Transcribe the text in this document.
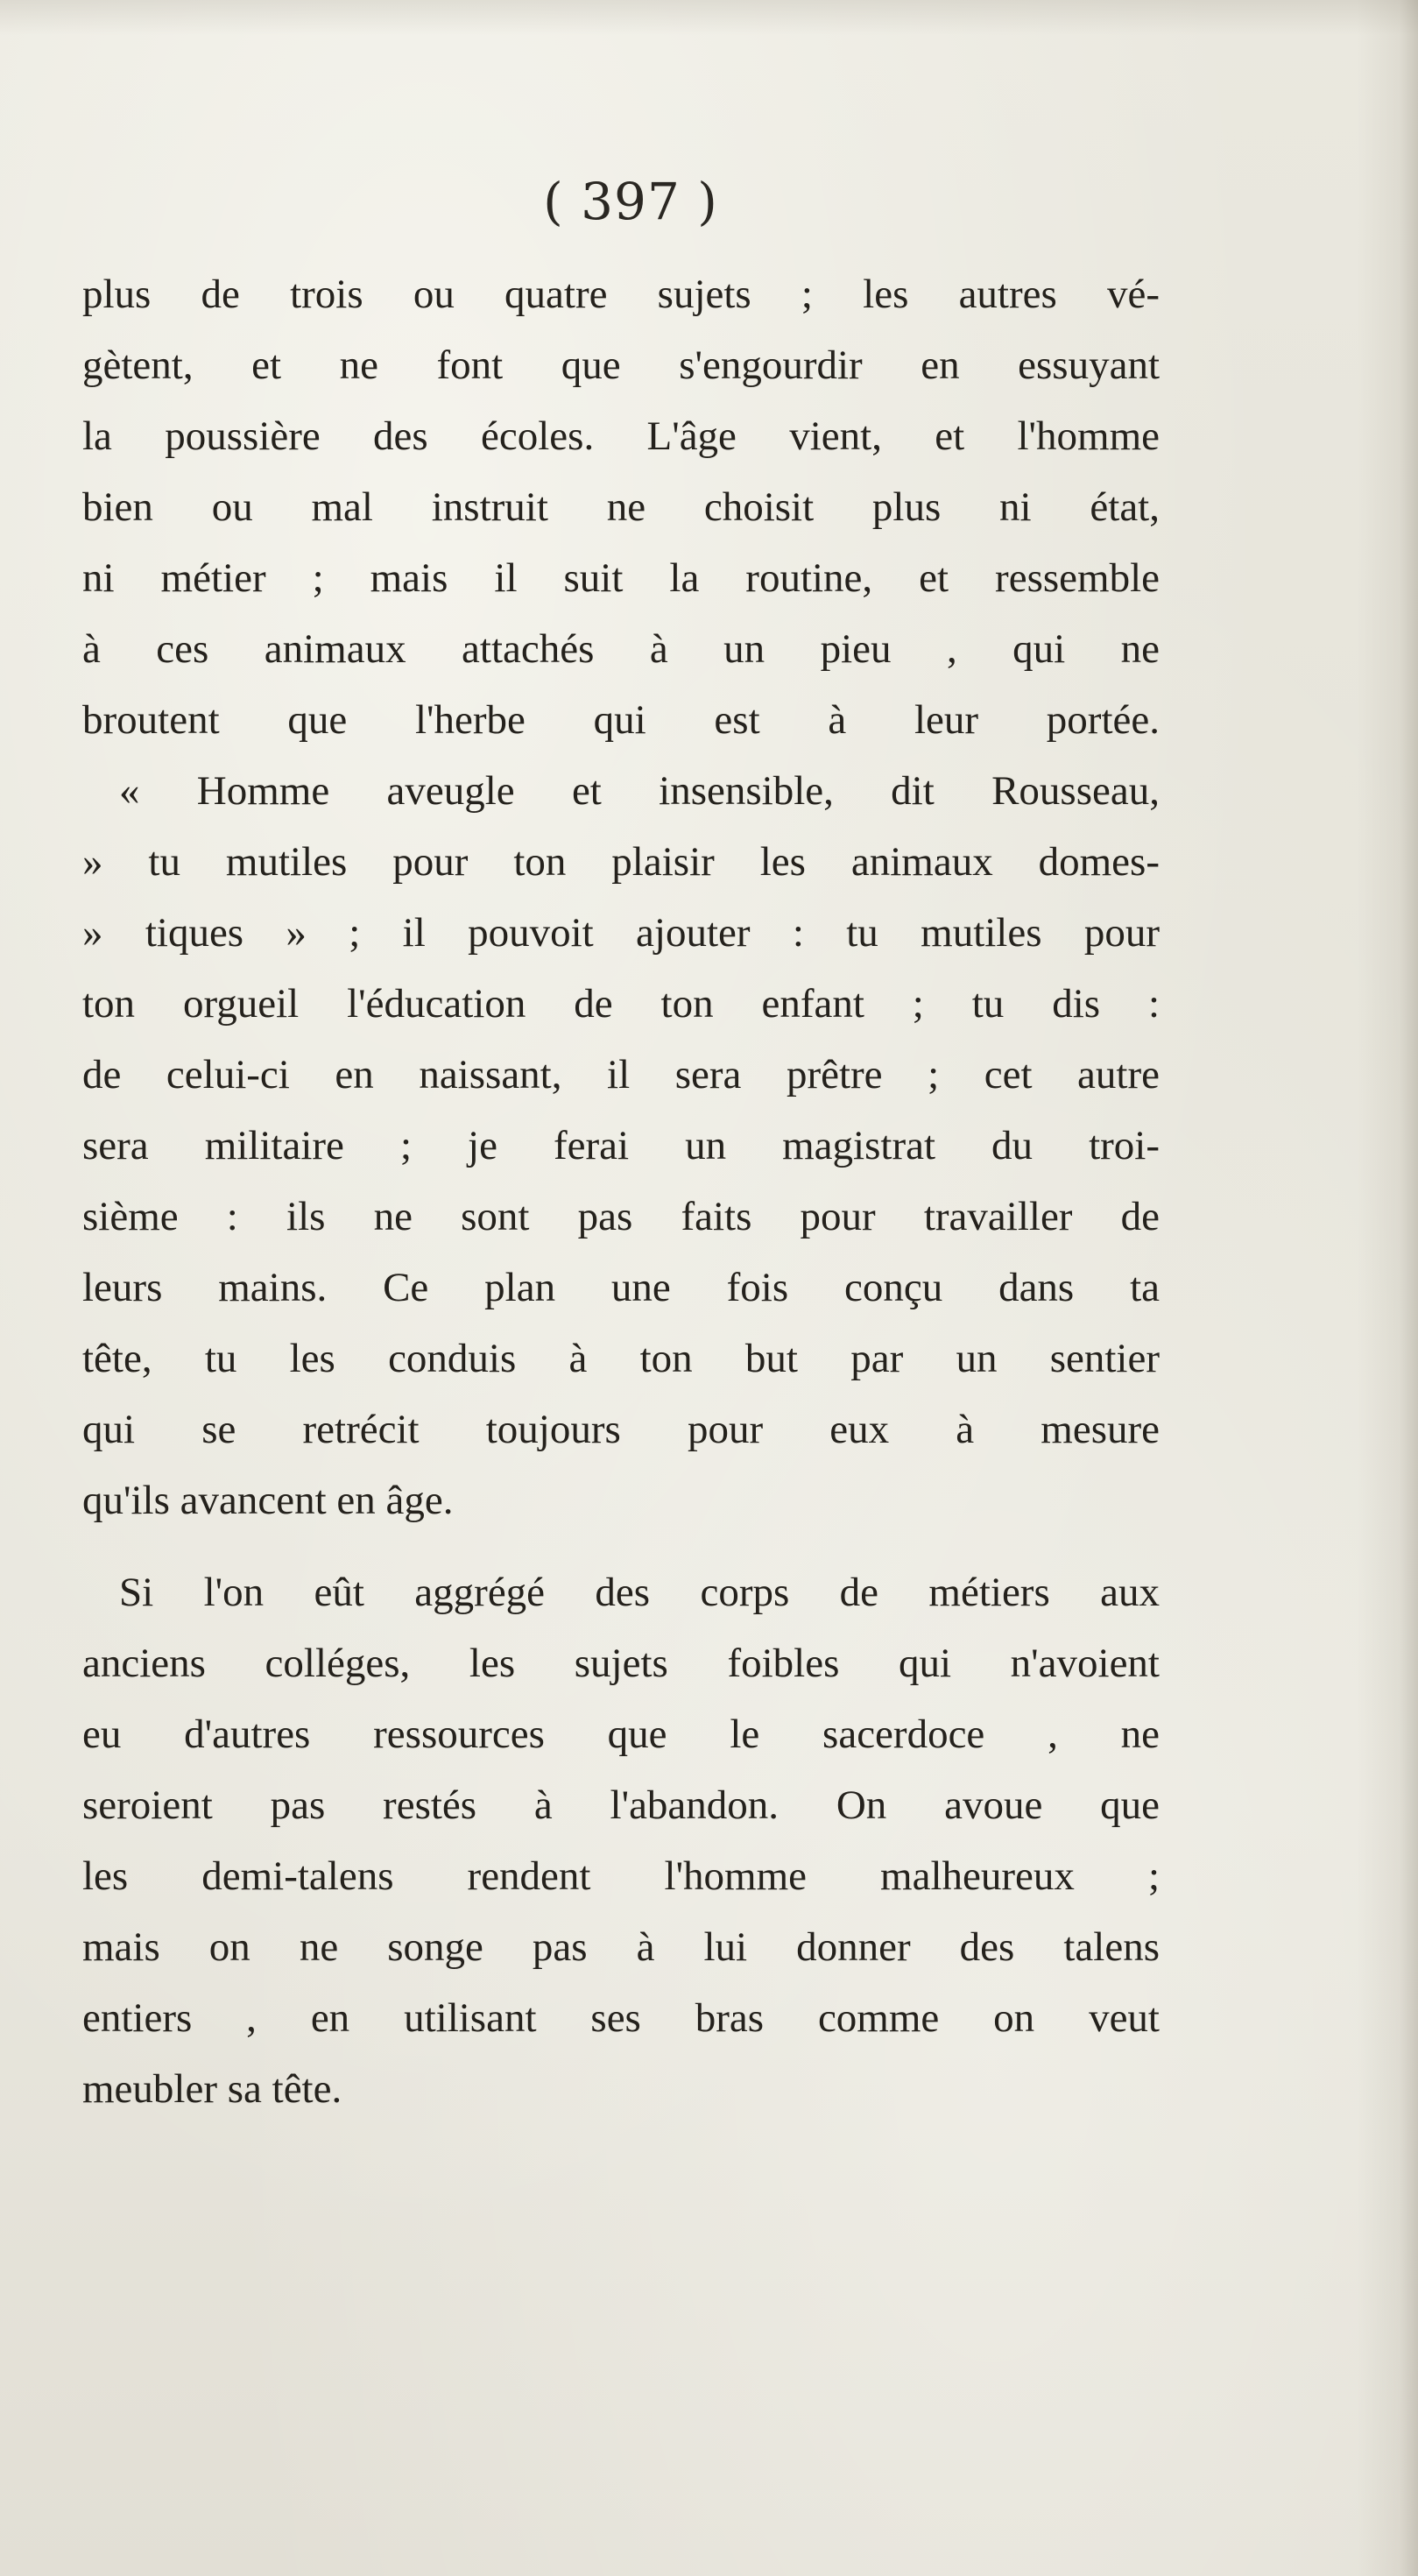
( 397 )
plus de trois ou quatre sujets ; les autres vé-
gètent, et ne font que s'engourdir en essuyant
la poussière des écoles. L'âge vient, et l'homme
bien ou mal instruit ne choisit plus ni état,
ni métier ; mais il suit la routine, et ressemble
à ces animaux attachés à un pieu , qui ne
broutent que l'herbe qui est à leur portée.
« Homme aveugle et insensible, dit Rousseau,
» tu mutiles pour ton plaisir les animaux domes-
» tiques » ; il pouvoit ajouter : tu mutiles pour
ton orgueil l'éducation de ton enfant ; tu dis :
de celui-ci en naissant, il sera prêtre ; cet autre
sera militaire ; je ferai un magistrat du troi-
sième : ils ne sont pas faits pour travailler de
leurs mains. Ce plan une fois conçu dans ta
tête, tu les conduis à ton but par un sentier
qui se retrécit toujours pour eux à mesure
qu'ils avancent en âge.
Si l'on eût aggrégé des corps de métiers aux
anciens colléges, les sujets foibles qui n'avoient
eu d'autres ressources que le sacerdoce , ne
seroient pas restés à l'abandon. On avoue que
les demi-talens rendent l'homme malheureux ;
mais on ne songe pas à lui donner des talens
entiers , en utilisant ses bras comme on veut
meubler sa tête.
